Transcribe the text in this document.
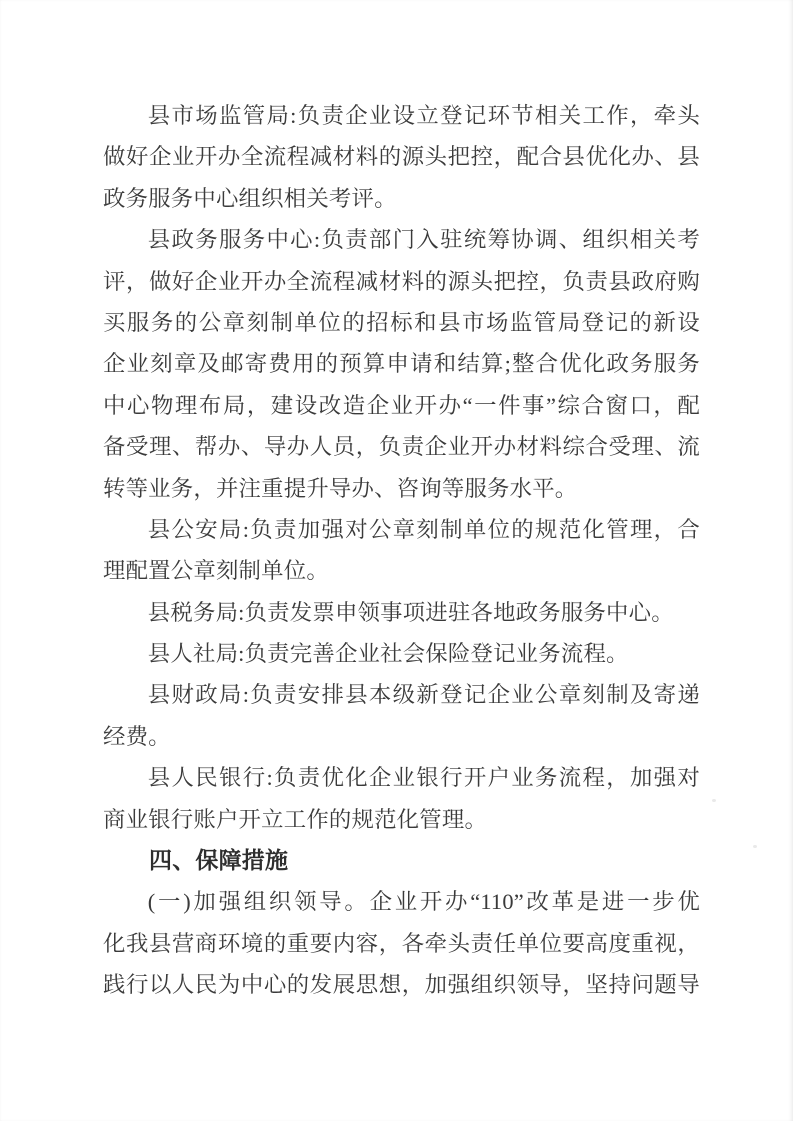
县市场监管局:负责企业设立登记环节相关工作，牵头
做好企业开办全流程减材料的源头把控，配合县优化办、县
政务服务中心组织相关考评。
县政务服务中心:负责部门入驻统筹协调、组织相关考
评，做好企业开办全流程减材料的源头把控，负责县政府购
买服务的公章刻制单位的招标和县市场监管局登记的新设
企业刻章及邮寄费用的预算申请和结算;整合优化政务服务
中心物理布局，建设改造企业开办“一件事”综合窗口，配
备受理、帮办、导办人员，负责企业开办材料综合受理、流
转等业务，并注重提升导办、咨询等服务水平。
县公安局:负责加强对公章刻制单位的规范化管理，合
理配置公章刻制单位。
县税务局:负责发票申领事项进驻各地政务服务中心。
县人社局:负责完善企业社会保险登记业务流程。
县财政局:负责安排县本级新登记企业公章刻制及寄递
经费。
县人民银行:负责优化企业银行开户业务流程，加强对
商业银行账户开立工作的规范化管理。
四、保障措施
(一)加强组织领导。企业开办“110”改革是进一步优
化我县营商环境的重要内容，各牵头责任单位要高度重视，
践行以人民为中心的发展思想，加强组织领导，坚持问题导
